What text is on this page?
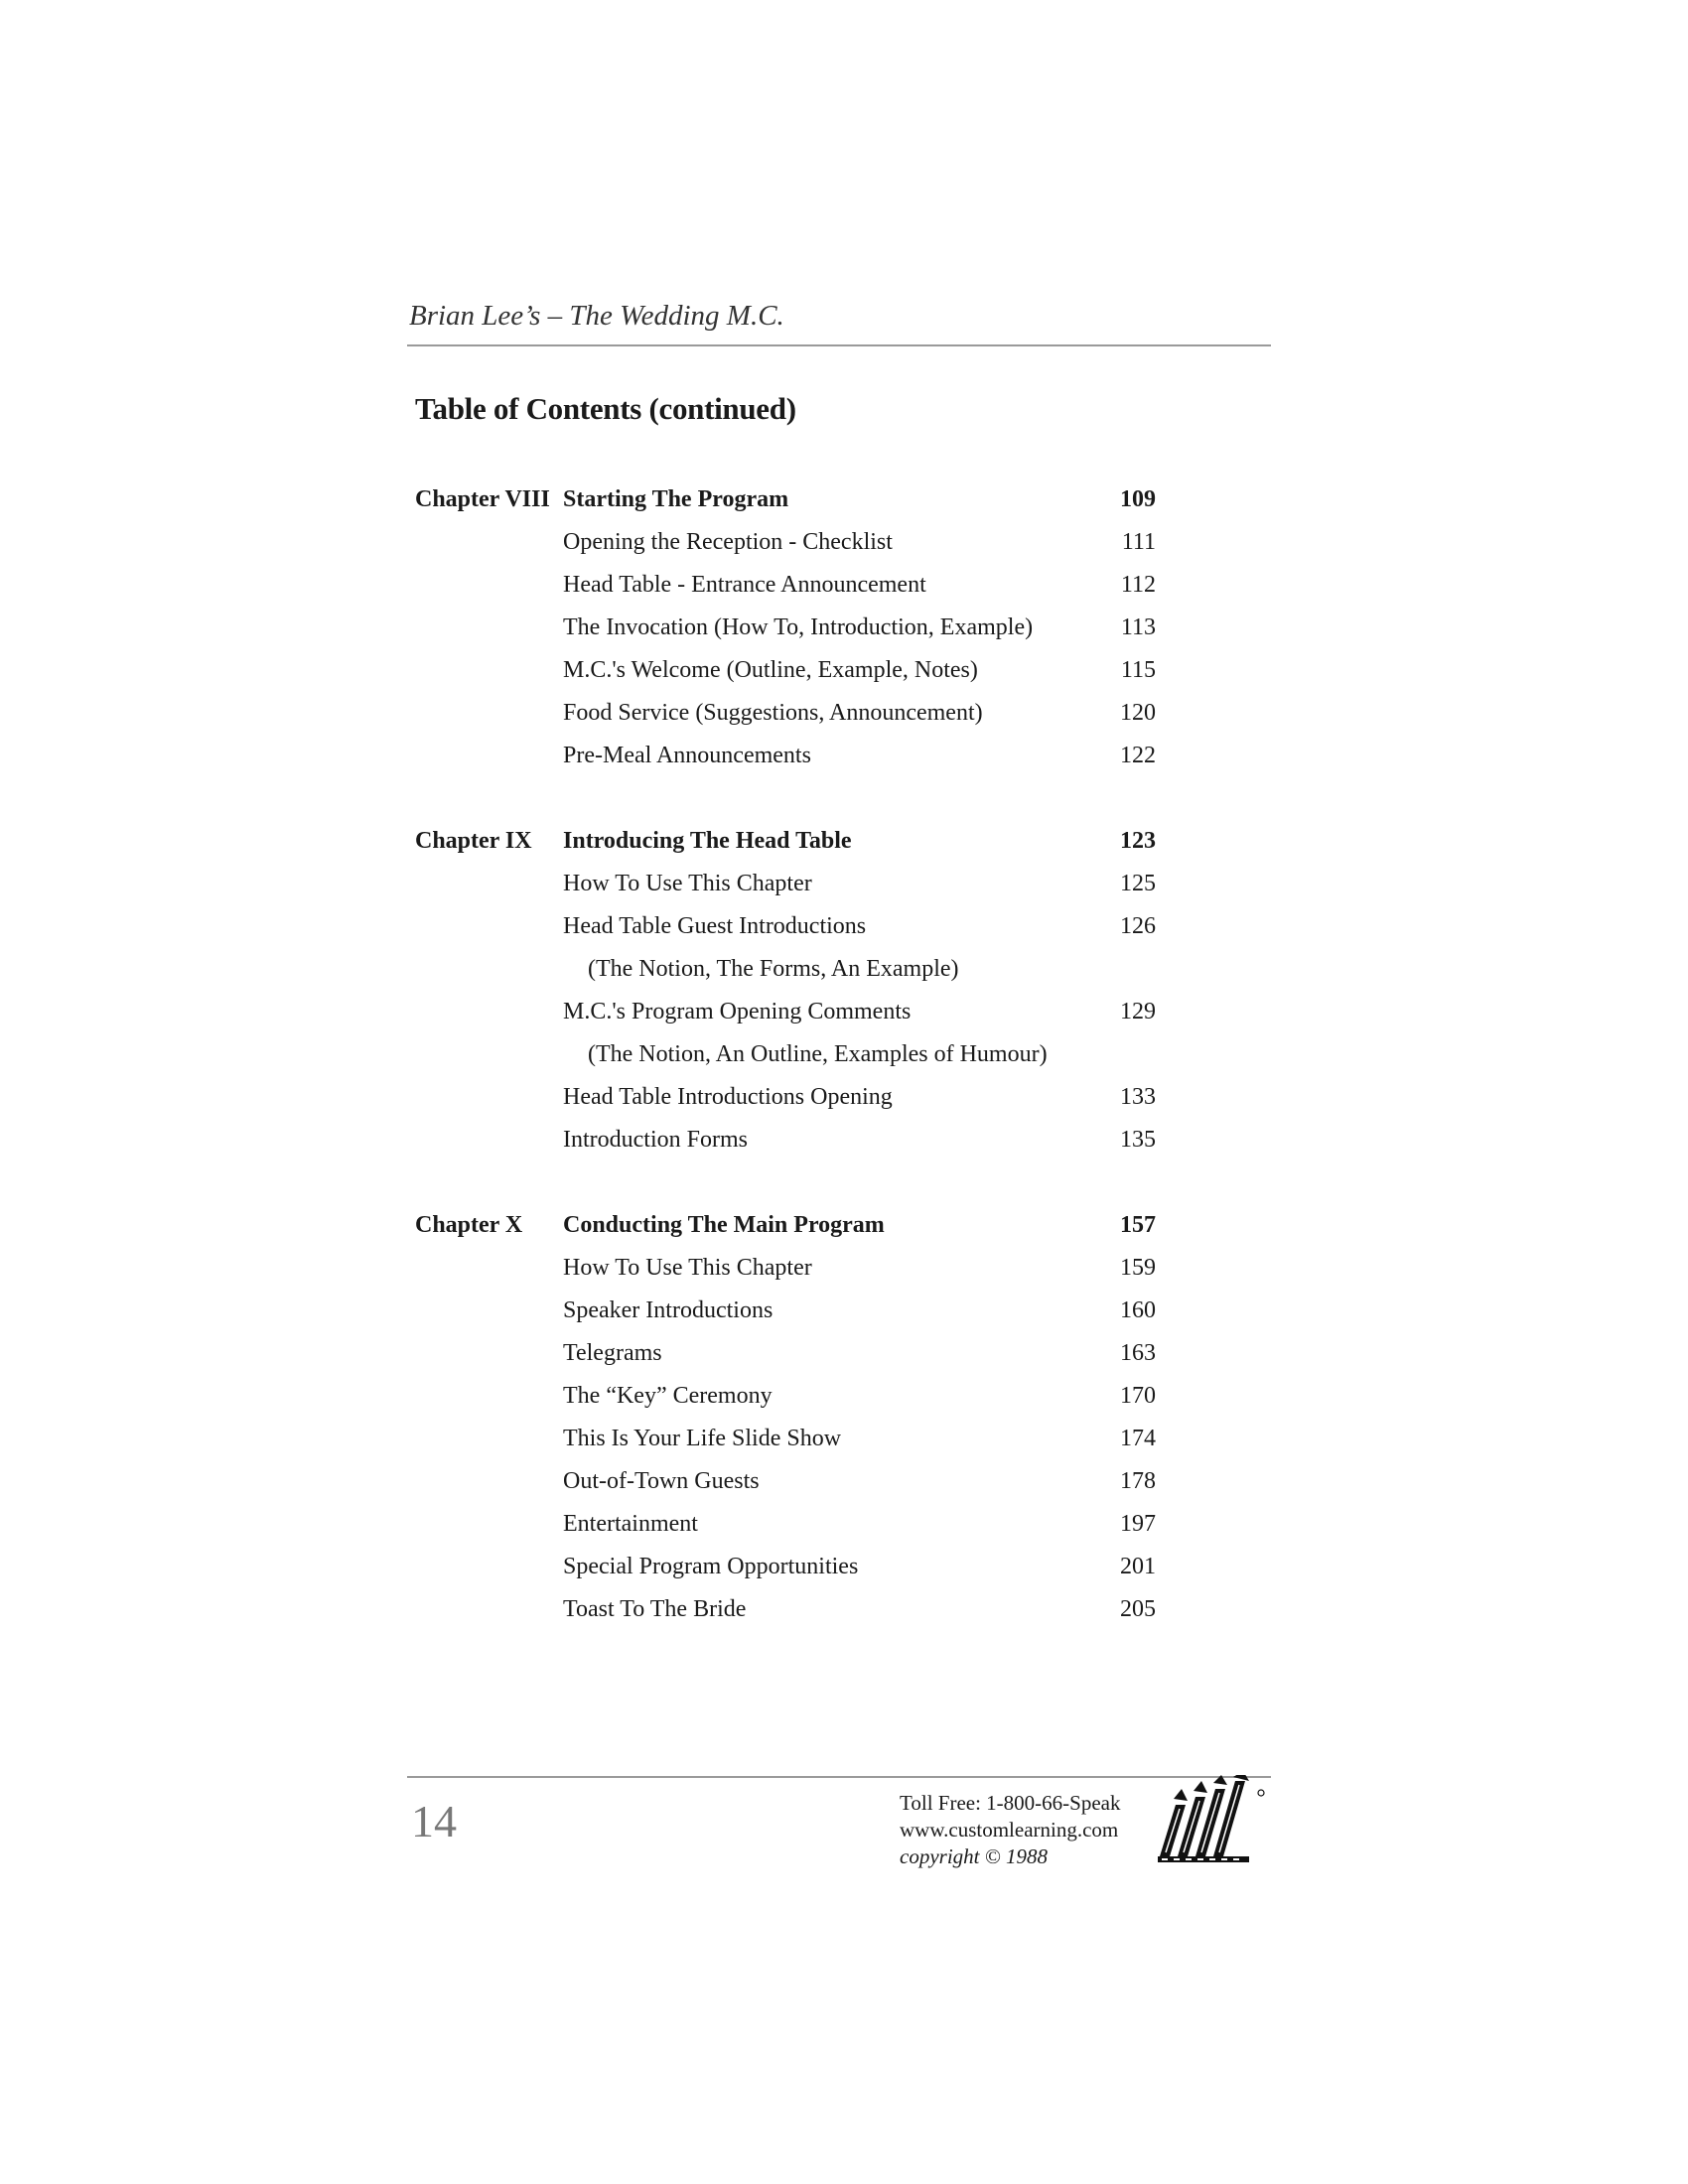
Brian Lee’s – The Wedding M.C.
Table of Contents (continued)
Chapter VIII Starting The Program	109
Opening the Reception - Checklist	111
Head Table - Entrance Announcement	112
The Invocation (How To, Introduction, Example)	113
M.C.'s Welcome (Outline, Example, Notes)	115
Food Service (Suggestions, Announcement)	120
Pre-Meal Announcements	122
Chapter IX Introducing The Head Table	123
How To Use This Chapter	125
Head Table Guest Introductions	126
(The Notion, The Forms, An Example)
M.C.'s Program Opening Comments	129
(The Notion, An Outline, Examples of Humour)
Head Table Introductions Opening	133
Introduction Forms	135
Chapter X Conducting The Main Program	157
How To Use This Chapter	159
Speaker Introductions	160
Telegrams	163
The “Key” Ceremony	170
This Is Your Life Slide Show	174
Out-of-Town Guests	178
Entertainment	197
Special Program Opportunities	201
Toast To The Bride	205
14	Toll Free: 1-800-66-Speak
www.customlearning.com
copyright © 1988
